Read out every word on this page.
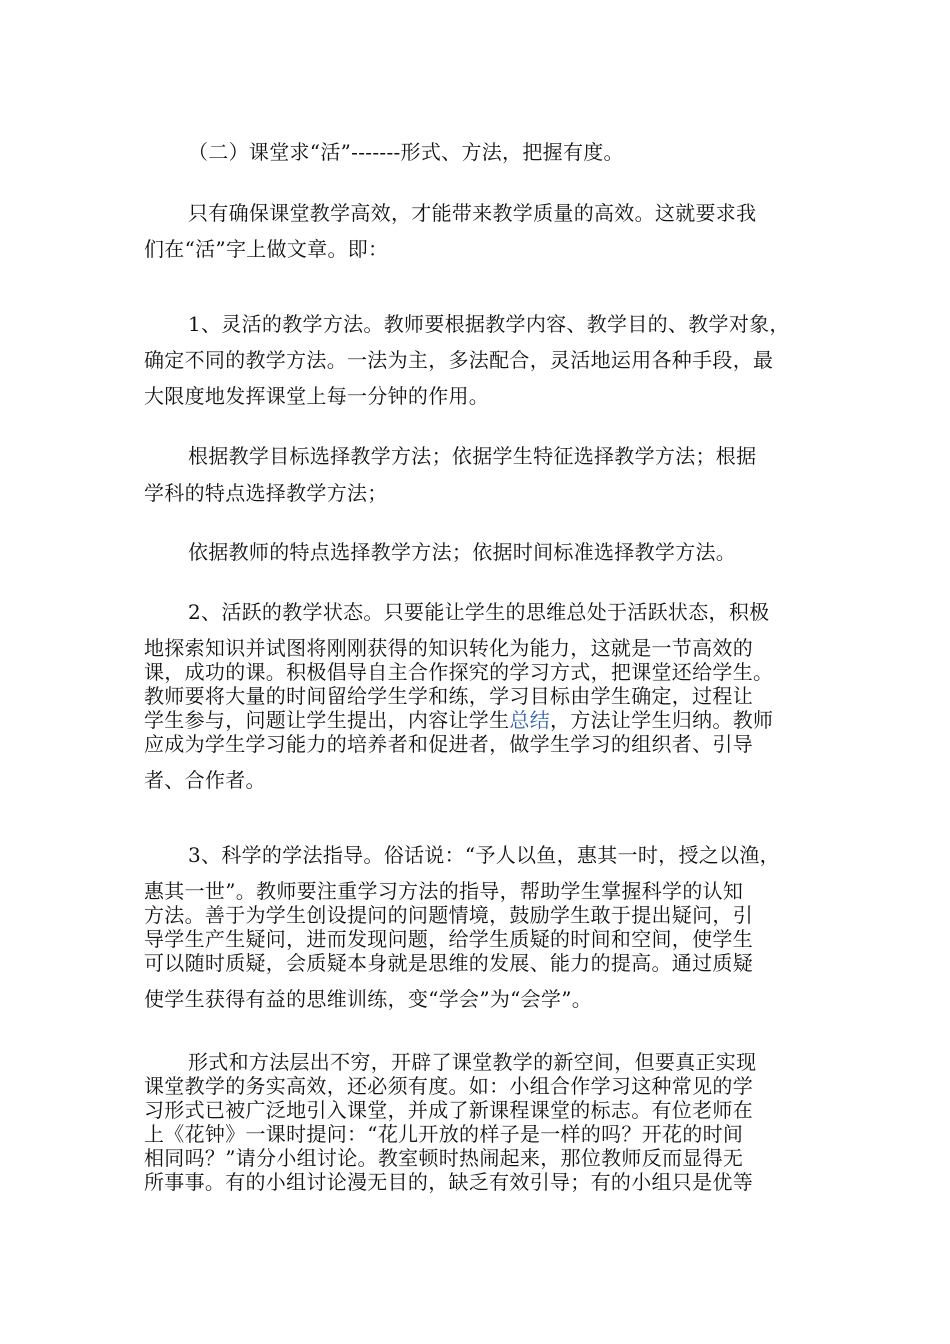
（二）课堂求“活”-------形式、方法，把握有度。
只有确保课堂教学高效，才能带来教学质量的高效。这就要求我
们在“活”字上做文章。即：
1、灵活的教学方法。教师要根据教学内容、教学目的、教学对象，
确定不同的教学方法。一法为主，多法配合，灵活地运用各种手段，最
大限度地发挥课堂上每一分钟的作用。
根据教学目标选择教学方法；依据学生特征选择教学方法；根据
学科的特点选择教学方法；
依据教师的特点选择教学方法；依据时间标准选择教学方法。
2、活跃的教学状态。只要能让学生的思维总处于活跃状态，积极
地探索知识并试图将刚刚获得的知识转化为能力，这就是一节高效的
课，成功的课。积极倡导自主合作探究的学习方式，把课堂还给学生。
教师要将大量的时间留给学生学和练，学习目标由学生确定，过程让
学生参与，问题让学生提出，内容让学生总结，方法让学生归纳。教师
应成为学生学习能力的培养者和促进者，做学生学习的组织者、引导
者、合作者。
3、科学的学法指导。俗话说：“予人以鱼，惠其一时，授之以渔，
惠其一世”。教师要注重学习方法的指导，帮助学生掌握科学的认知
方法。善于为学生创设提问的问题情境，鼓励学生敢于提出疑问，引
导学生产生疑问，进而发现问题，给学生质疑的时间和空间，使学生
可以随时质疑，会质疑本身就是思维的发展、能力的提高。通过质疑
使学生获得有益的思维训练，变“学会”为“会学”。
形式和方法层出不穷，开辟了课堂教学的新空间，但要真正实现
课堂教学的务实高效，还必须有度。如：小组合作学习这种常见的学
习形式已被广泛地引入课堂，并成了新课程课堂的标志。有位老师在
上《花钟》一课时提问：“花儿开放的样子是一样的吗？开花的时间
相同吗？”请分小组讨论。教室顿时热闹起来，那位教师反而显得无
所事事。有的小组讨论漫无目的，缺乏有效引导；有的小组只是优等
